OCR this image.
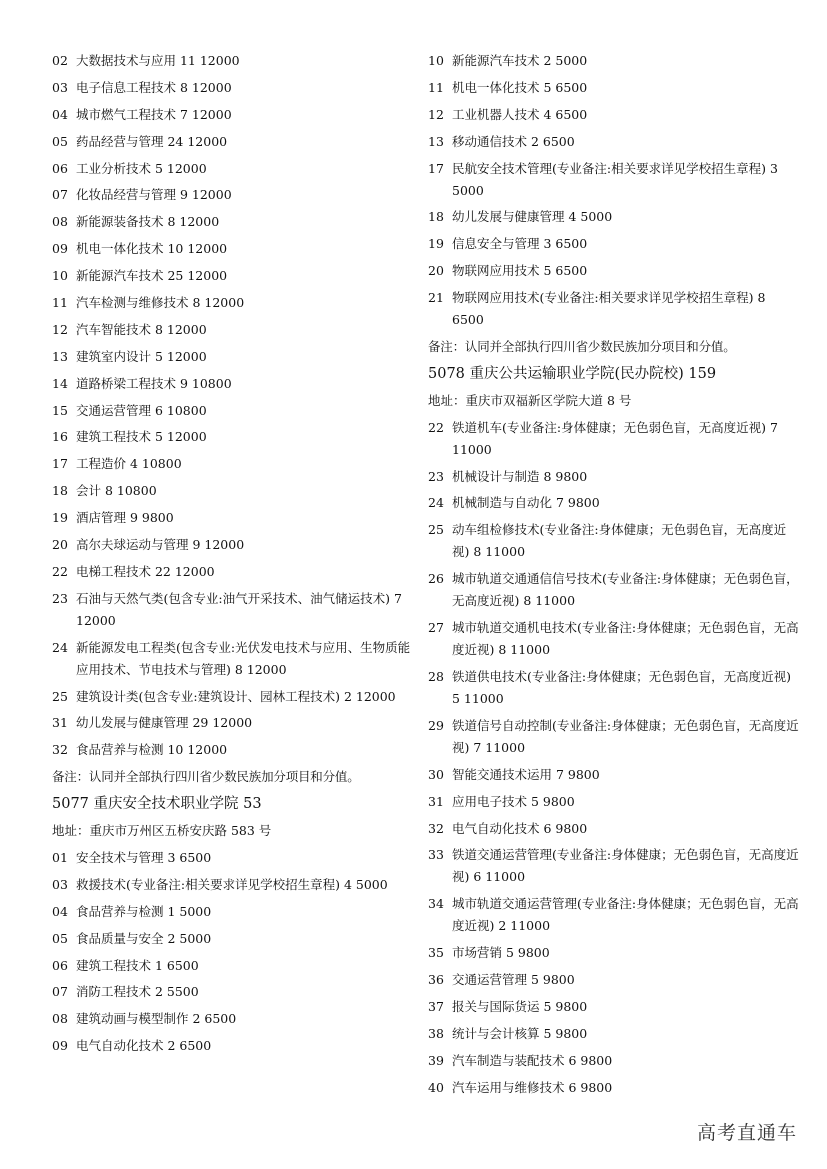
02 大数据技术与应用 11 12000
03 电子信息工程技术 8 12000
04 城市燃气工程技术 7 12000
05 药品经营与管理 24 12000
06 工业分析技术 5 12000
07 化妆品经营与管理 9 12000
08 新能源装备技术 8 12000
09 机电一体化技术 10 12000
10 新能源汽车技术 25 12000
11 汽车检测与维修技术 8 12000
12 汽车智能技术 8 12000
13 建筑室内设计 5 12000
14 道路桥梁工程技术 9 10800
15 交通运营管理 6 10800
16 建筑工程技术 5 12000
17 工程造价 4 10800
18 会计 8 10800
19 酒店管理 9 9800
20 高尔夫球运动与管理 9 12000
22 电梯工程技术 22 12000
23 石油与天然气类(包含专业:油气开采技术、油气储运技术) 7 12000
24 新能源发电工程类(包含专业:光伏发电技术与应用、生物质能应用技术、节电技术与管理) 8 12000
25 建筑设计类(包含专业:建筑设计、园林工程技术) 2 12000
31 幼儿发展与健康管理 29 12000
32 食品营养与检测 10 12000
备注：认同并全部执行四川省少数民族加分项目和分值。
5077 重庆安全技术职业学院 53
地址：重庆市万州区五桥安庆路 583 号
01 安全技术与管理 3 6500
03 救援技术(专业备注:相关要求详见学校招生章程) 4 5000
04 食品营养与检测 1 5000
05 食品质量与安全 2 5000
06 建筑工程技术 1 6500
07 消防工程技术 2 5500
08 建筑动画与模型制作 2 6500
09 电气自动化技术 2 6500
10 新能源汽车技术 2 5000
11 机电一体化技术 5 6500
12 工业机器人技术 4 6500
13 移动通信技术 2 6500
17 民航安全技术管理(专业备注:相关要求详见学校招生章程) 3 5000
18 幼儿发展与健康管理 4 5000
19 信息安全与管理 3 6500
20 物联网应用技术 5 6500
21 物联网应用技术(专业备注:相关要求详见学校招生章程) 8 6500
备注：认同并全部执行四川省少数民族加分项目和分值。
5078 重庆公共运输职业学院(民办院校) 159
地址：重庆市双福新区学院大道 8 号
22 铁道机车(专业备注:身体健康；无色弱色盲，无高度近视) 7 11000
23 机械设计与制造 8 9800
24 机械制造与自动化 7 9800
25 动车组检修技术(专业备注:身体健康；无色弱色盲，无高度近视) 8 11000
26 城市轨道交通通信信号技术(专业备注:身体健康；无色弱色盲，无高度近视) 8 11000
27 城市轨道交通机电技术(专业备注:身体健康；无色弱色盲，无高度近视) 8 11000
28 铁道供电技术(专业备注:身体健康；无色弱色盲，无高度近视) 5 11000
29 铁道信号自动控制(专业备注:身体健康；无色弱色盲，无高度近视) 7 11000
30 智能交通技术运用 7 9800
31 应用电子技术 5 9800
32 电气自动化技术 6 9800
33 铁道交通运营管理(专业备注:身体健康；无色弱色盲，无高度近视) 6 11000
34 城市轨道交通运营管理(专业备注:身体健康；无色弱色盲，无高度近视) 2 11000
35 市场营销 5 9800
36 交通运营管理 5 9800
37 报关与国际货运 5 9800
38 统计与会计核算 5 9800
39 汽车制造与装配技术 6 9800
40 汽车运用与维修技术 6 9800
高考直通车
